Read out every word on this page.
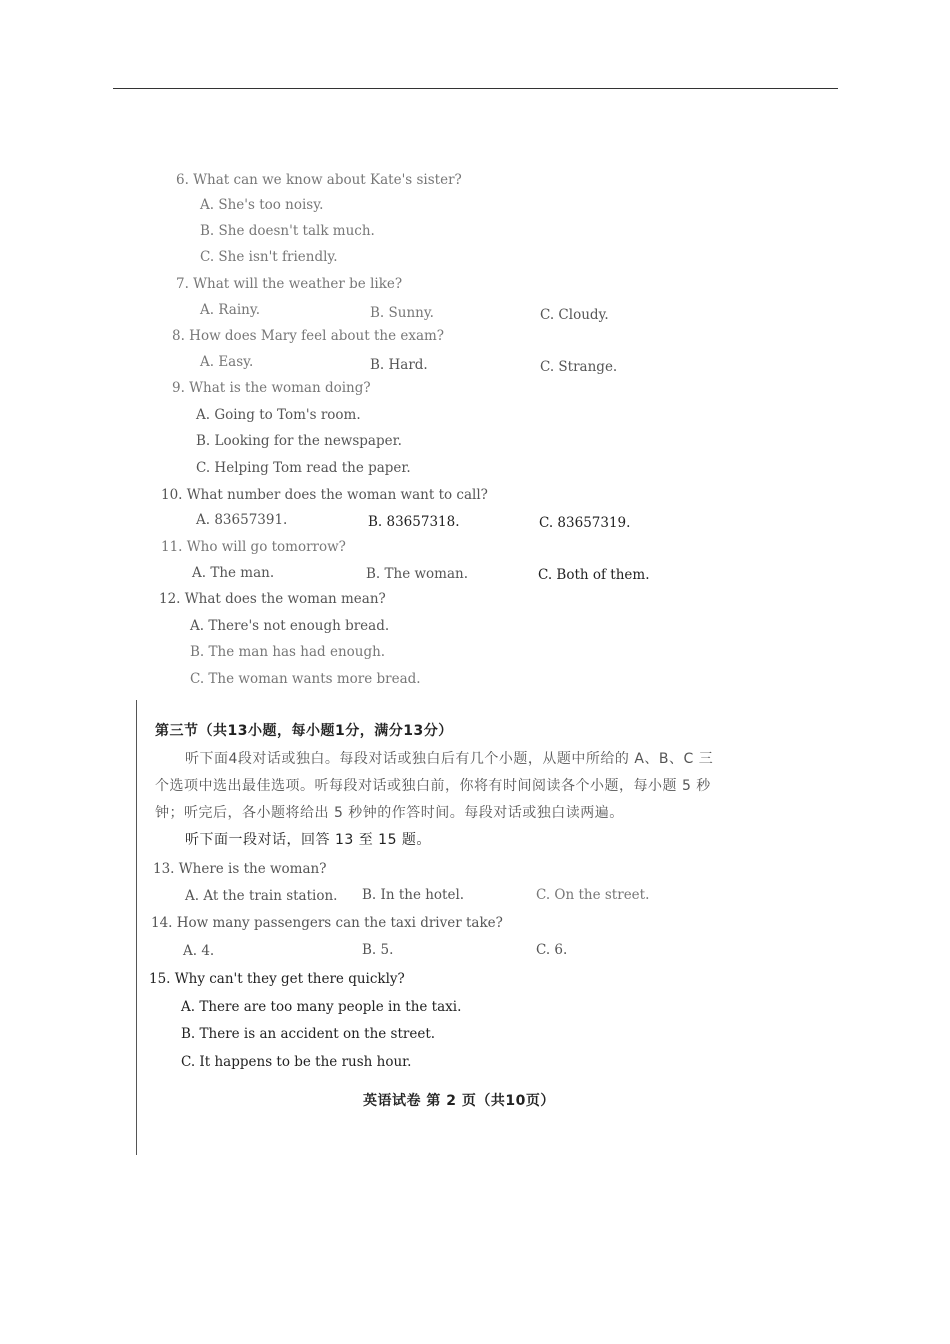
6. What can we know about Kate's sister?
A. She's too noisy.
B. She doesn't talk much.
C. She isn't friendly.
7. What will the weather be like?
A. Rainy.	B. Sunny.	C. Cloudy.
8. How does Mary feel about the exam?
A. Easy.	B. Hard.	C. Strange.
9. What is the woman doing?
A. Going to Tom's room.
B. Looking for the newspaper.
C. Helping Tom read the paper.
10. What number does the woman want to call?
A. 83657391.	B. 83657318.	C. 83657319.
11. Who will go tomorrow?
A. The man.	B. The woman.	C. Both of them.
12. What does the woman mean?
A. There's not enough bread.
B. The man has had enough.
C. The woman wants more bread.
第三节（共13小题，每小题1分，满分13分）
听下面4段对话或独白。每段对话或独白后有几个小题，从题中所给的 A、B、C 三
个选项中选出最佳选项。听每段对话或独白前，你将有时间阅读各个小题，每小题 5 秒
钟；听完后，各小题将给出 5 秒钟的作答时间。每段对话或独白读两遍。
听下面一段对话，回答 13 至 15 题。
13. Where is the woman?
A. At the train station. B. In the hotel.	C. On the street.
14. How many passengers can the taxi driver take?
A. 4.	B. 5.	C. 6.
15. Why can't they get there quickly?
A. There are too many people in the taxi.
B. There is an accident on the street.
C. It happens to be the rush hour.
英语试卷 第 2 页（共10页）
